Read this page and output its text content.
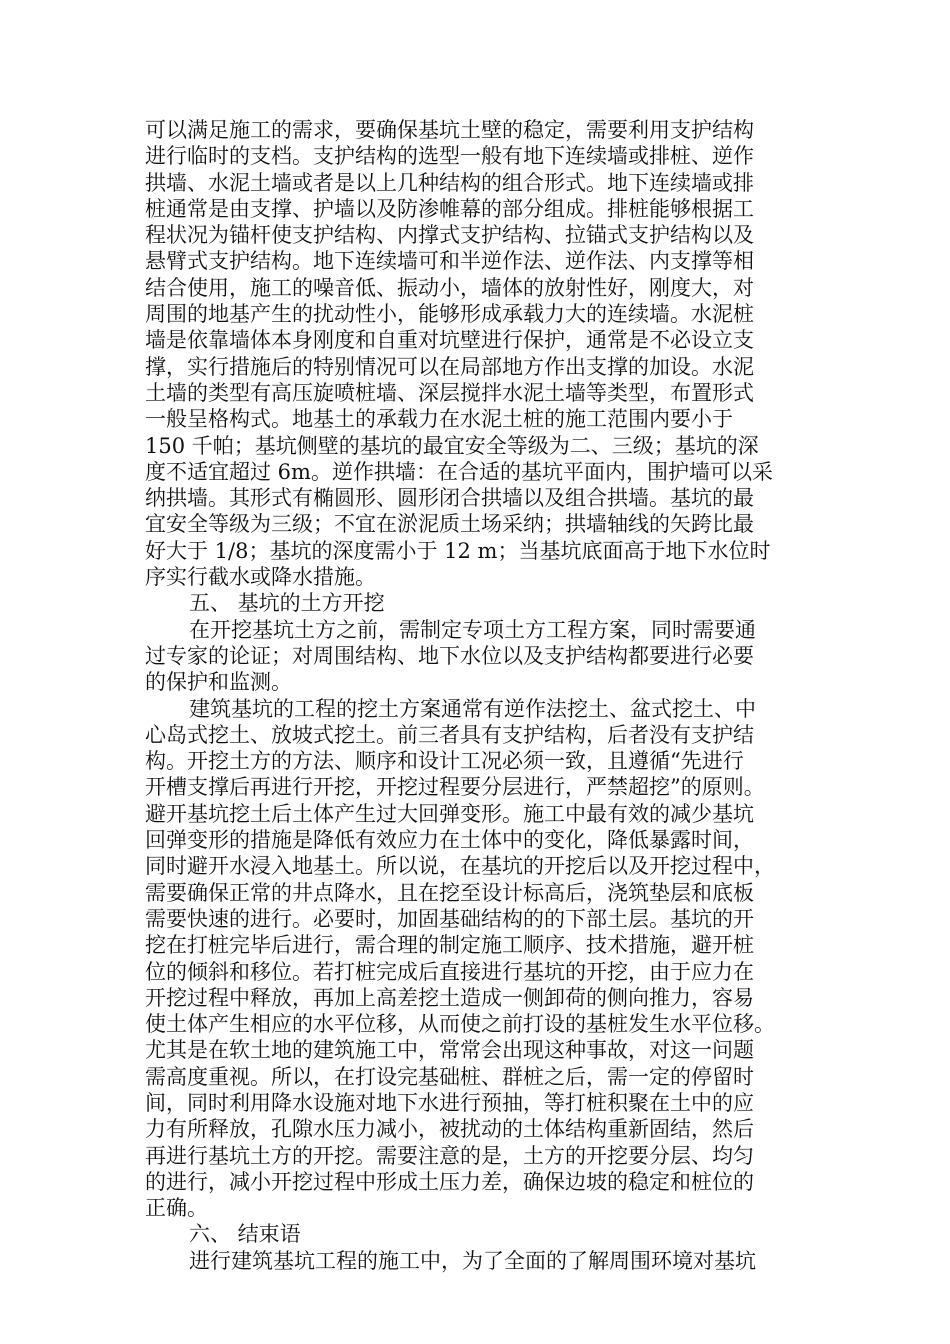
可以满足施工的需求，要确保基坑土壁的稳定，需要利用支护结构
进行临时的支档。支护结构的选型一般有地下连续墙或排桩、逆作
拱墙、水泥土墙或者是以上几种结构的组合形式。地下连续墙或排
桩通常是由支撑、护墙以及防渗帷幕的部分组成。排桩能够根据工
程状况为锚杆使支护结构、内撑式支护结构、拉锚式支护结构以及
悬臂式支护结构。地下连续墙可和半逆作法、逆作法、内支撑等相
结合使用，施工的噪音低、振动小，墙体的放射性好，刚度大，对
周围的地基产生的扰动性小，能够形成承载力大的连续墙。水泥桩
墙是依靠墙体本身刚度和自重对坑壁进行保护，通常是不必设立支
撑，实行措施后的特别情况可以在局部地方作出支撑的加设。水泥
土墙的类型有高压旋喷桩墙、深层搅拌水泥土墙等类型，布置形式
一般呈格构式。地基土的承载力在水泥土桩的施工范围内要小于
150 千帕；基坑侧壁的基坑的最宜安全等级为二、三级；基坑的深
度不适宜超过 6m。逆作拱墙：在合适的基坑平面内，围护墙可以采
纳拱墙。其形式有椭圆形、圆形闭合拱墙以及组合拱墙。基坑的最
宜安全等级为三级；不宜在淤泥质土场采纳；拱墙轴线的矢跨比最
好大于 1/8；基坑的深度需小于 12 m；当基坑底面高于地下水位时
序实行截水或降水措施。
五、 基坑的土方开挖
在开挖基坑土方之前，需制定专项土方工程方案，同时需要通
过专家的论证；对周围结构、地下水位以及支护结构都要进行必要
的保护和监测。
建筑基坑的工程的挖土方案通常有逆作法挖土、盆式挖土、中
心岛式挖土、放坡式挖土。前三者具有支护结构，后者没有支护结
构。开挖土方的方法、顺序和设计工况必须一致，且遵循“先进行
开槽支撑后再进行开挖，开挖过程要分层进行，严禁超挖”的原则。
避开基坑挖土后土体产生过大回弹变形。施工中最有效的减少基坑
回弹变形的措施是降低有效应力在土体中的变化，降低暴露时间，
同时避开水浸入地基土。所以说，在基坑的开挖后以及开挖过程中，
需要确保正常的井点降水，且在挖至设计标高后，浇筑垫层和底板
需要快速的进行。必要时，加固基础结构的的下部土层。基坑的开
挖在打桩完毕后进行，需合理的制定施工顺序、技术措施，避开桩
位的倾斜和移位。若打桩完成后直接进行基坑的开挖，由于应力在
开挖过程中释放，再加上高差挖土造成一侧卸荷的侧向推力，容易
使土体产生相应的水平位移，从而使之前打设的基桩发生水平位移。
尤其是在软土地的建筑施工中，常常会出现这种事故，对这一问题
需高度重视。所以，在打设完基础桩、群桩之后，需一定的停留时
间，同时利用降水设施对地下水进行预抽，等打桩积聚在土中的应
力有所释放，孔隙水压力减小，被扰动的土体结构重新固结，然后
再进行基坑土方的开挖。需要注意的是，土方的开挖要分层、均匀
的进行，减小开挖过程中形成土压力差，确保边坡的稳定和桩位的
正确。
六、 结束语
进行建筑基坑工程的施工中，为了全面的了解周围环境对基坑
